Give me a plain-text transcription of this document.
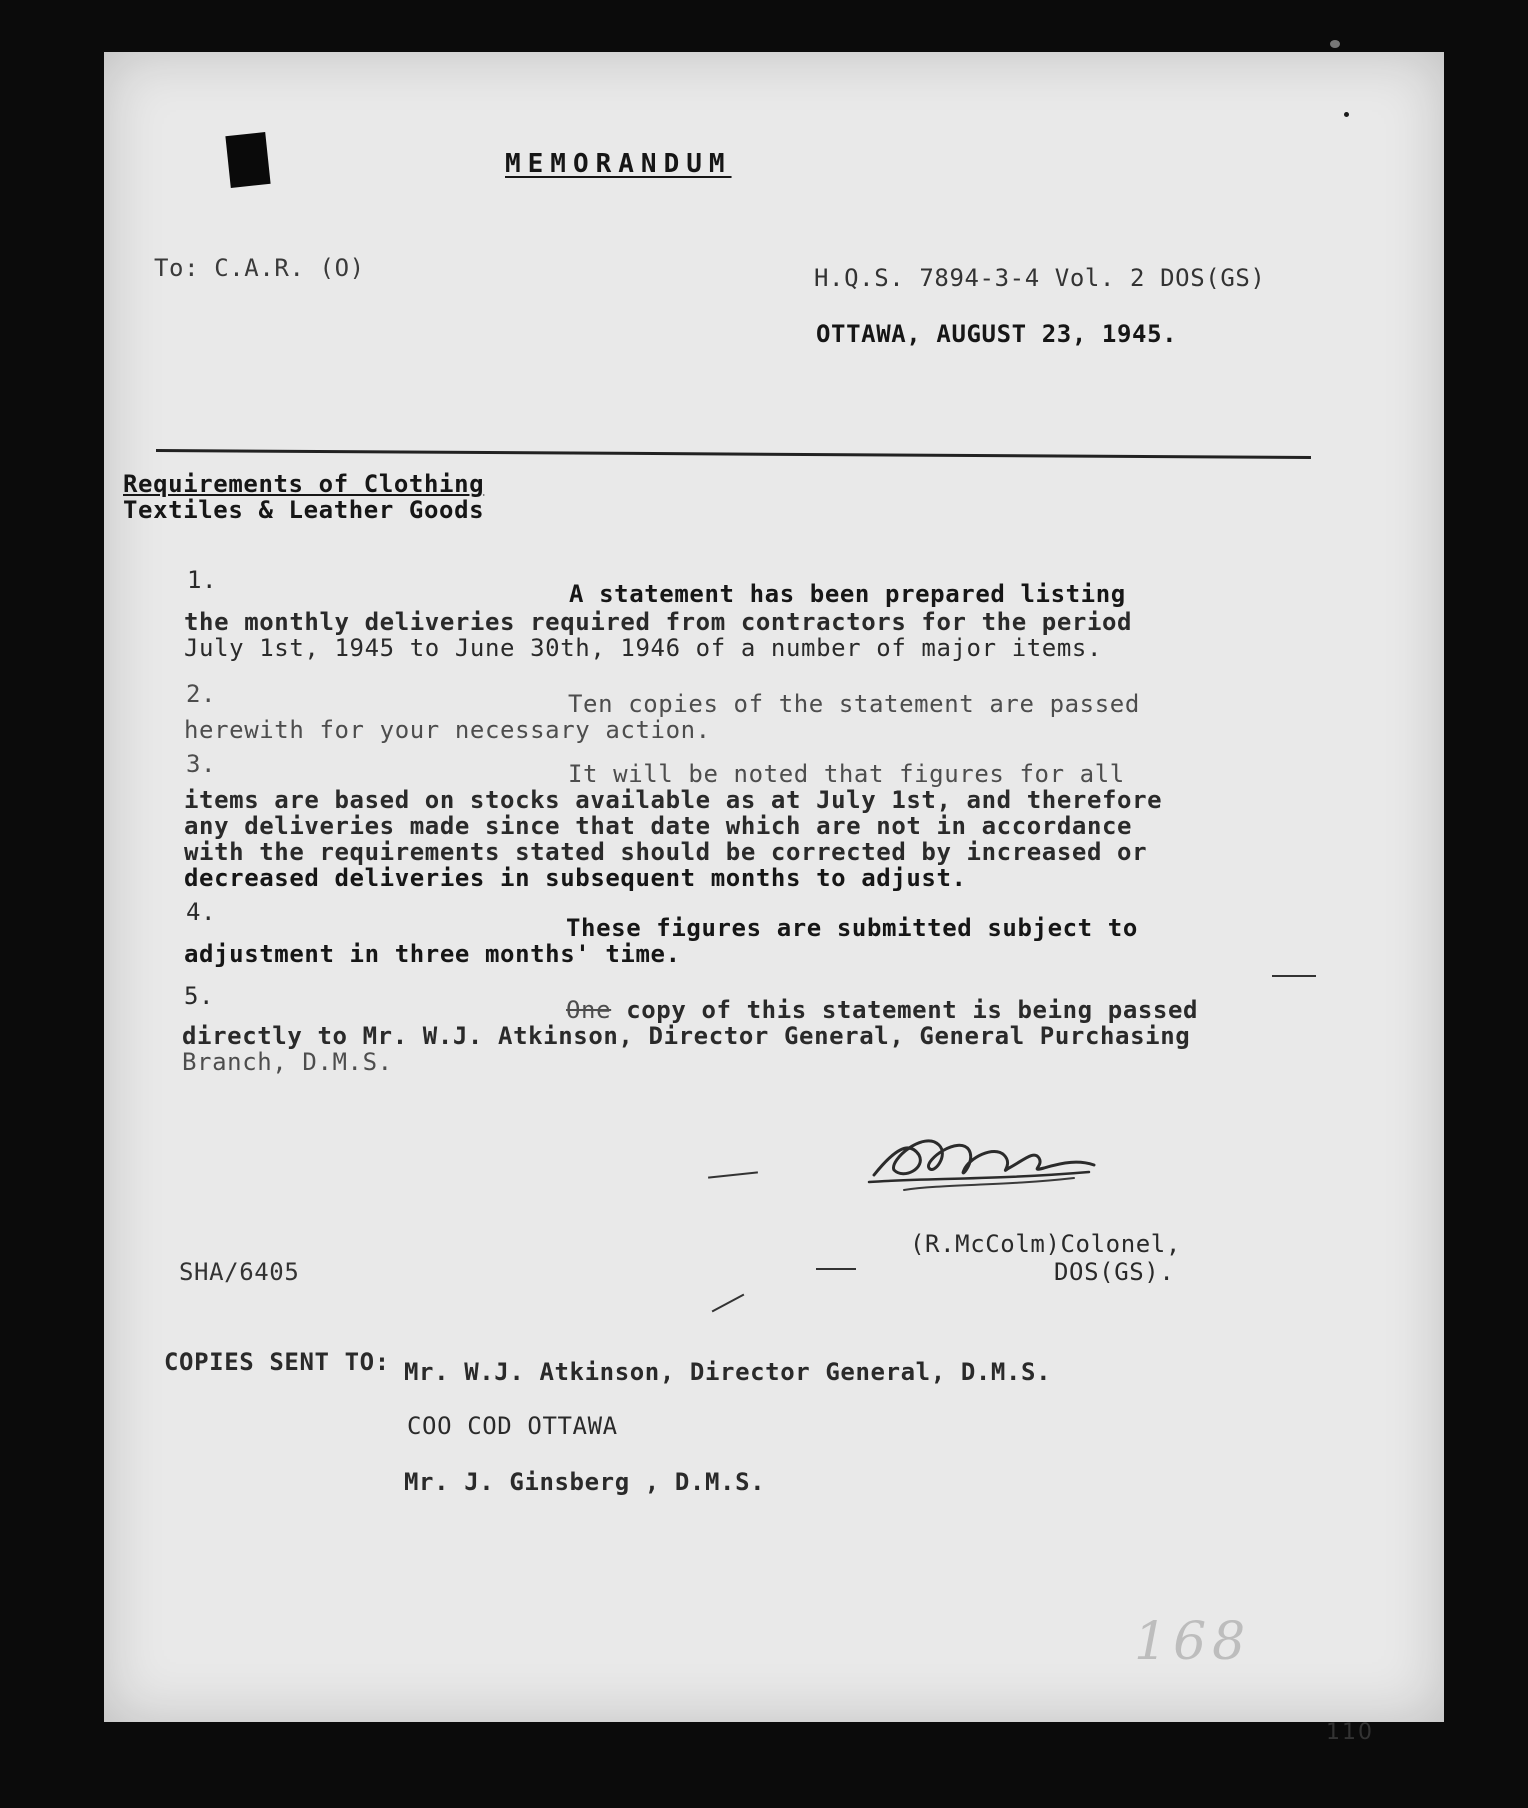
MEMORANDUM
To: C.A.R. (O)	H.Q.S. 7894-3-4 Vol. 2 DOS(GS)
OTTAWA, AUGUST 23, 1945.
Requirements of Clothing
Textiles & Leather Goods
1.	A statement has been prepared listing
the monthly deliveries required from contractors for the period
July 1st, 1945 to June 30th, 1946 of a number of major items.
2.	Ten copies of the statement are passed
herewith for your necessary action.
3.	It will be noted that figures for all
items are based on stocks available as at July 1st, and therefore
any deliveries made since that date which are not in accordance
with the requirements stated should be corrected by increased or
decreased deliveries in subsequent months to adjust.
4.
These figures are submitted subject to
adjustment in three months' time.
5.	One copy of this statement is being passed
directly to Mr. W.J. Atkinson, Director General, General Purchasing
Branch, D.M.S.
(R.McColm)Colonel,
DOS(GS).
SHA/6405
COPIES SENT TO: Mr. W.J. Atkinson, Director General, D.M.S.
COO COD OTTAWA
Mr. J. Ginsberg , D.M.S.
168
110
